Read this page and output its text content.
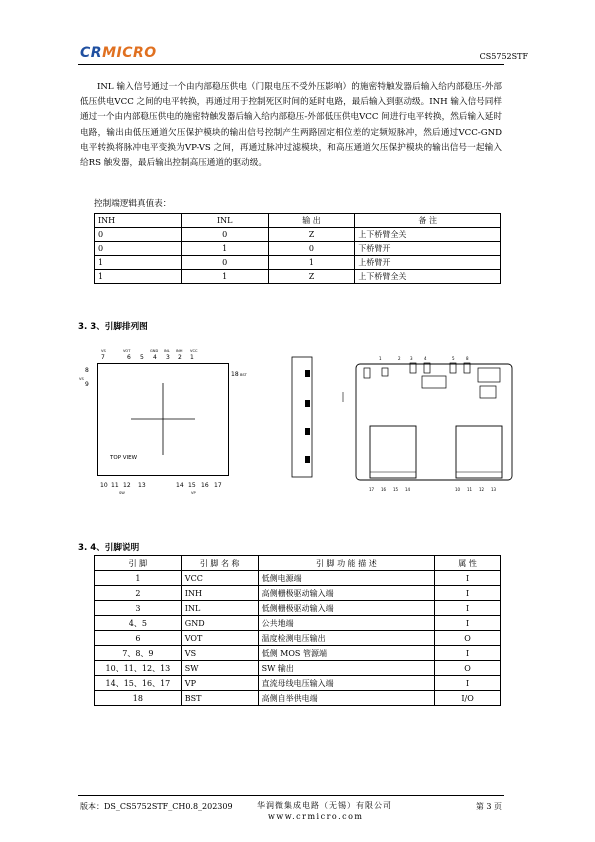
CRMICRO	CS5752STF

INL 输入信号通过一个由内部稳压供电（门限电压不受外压影响）的施密特触发器后输入给内部稳压-外部低压供电VCC 之间的电平转换，再通过用于控制死区时间的延时电路，最后输入到驱动级。INH 输入信号同样通过一个由内部稳压供电的施密特触发器后输入给内部稳压-外部低压供电VCC 间进行电平转换，然后输入延时电路，输出由低压通道欠压保护模块的输出信号控制产生两路固定相位差的定频短脉冲，然后通过VCC-GND 电平转换将脉冲电平变换为VP-VS 之间，再通过脉冲过滤模块，和高压通道欠压保护模块的输出信号一起输入给RS 触发器，最后输出控制高压通道的驱动级。

控制端逻辑真值表：
INH	INL	输 出	备 注
0	0	Z	上下桥臂全关
0	1	0	下桥臂开
1	0	1	上桥臂开
1	1	Z	上下桥臂全关
3. 3、引脚排列图
VS	VOT	GND INL INH VCC
7	6 5 4 3 2 1
8
VS
9
18 BST
TOP VIEW
10 11 12 13
SW
14 15 16 17
VP
1	2 3	4	5	8
17 16 15 14	10 11 12 13
3. 4、引脚说明
引 脚	引 脚 名 称	引 脚 功 能 描 述	属 性
1	VCC	低侧电源端	I
2	INH	高侧栅极驱动输入端	I
3	INL	低侧栅极驱动输入端	I
4、5	GND	公共地端	I
6	VOT	温度检测电压输出	O
7、8、9	VS	低侧 MOS 管源端	I
10、11、12、13	SW	SW 输出	O
14、15、16、17	VP	直流母线电压输入端	I
18	BST	高侧自举供电端	I/O
版本：DS_CS5752STF_CH0.8_202309	华润微集成电路（无锡）有限公司
www.crmicro.com
第 3 页
